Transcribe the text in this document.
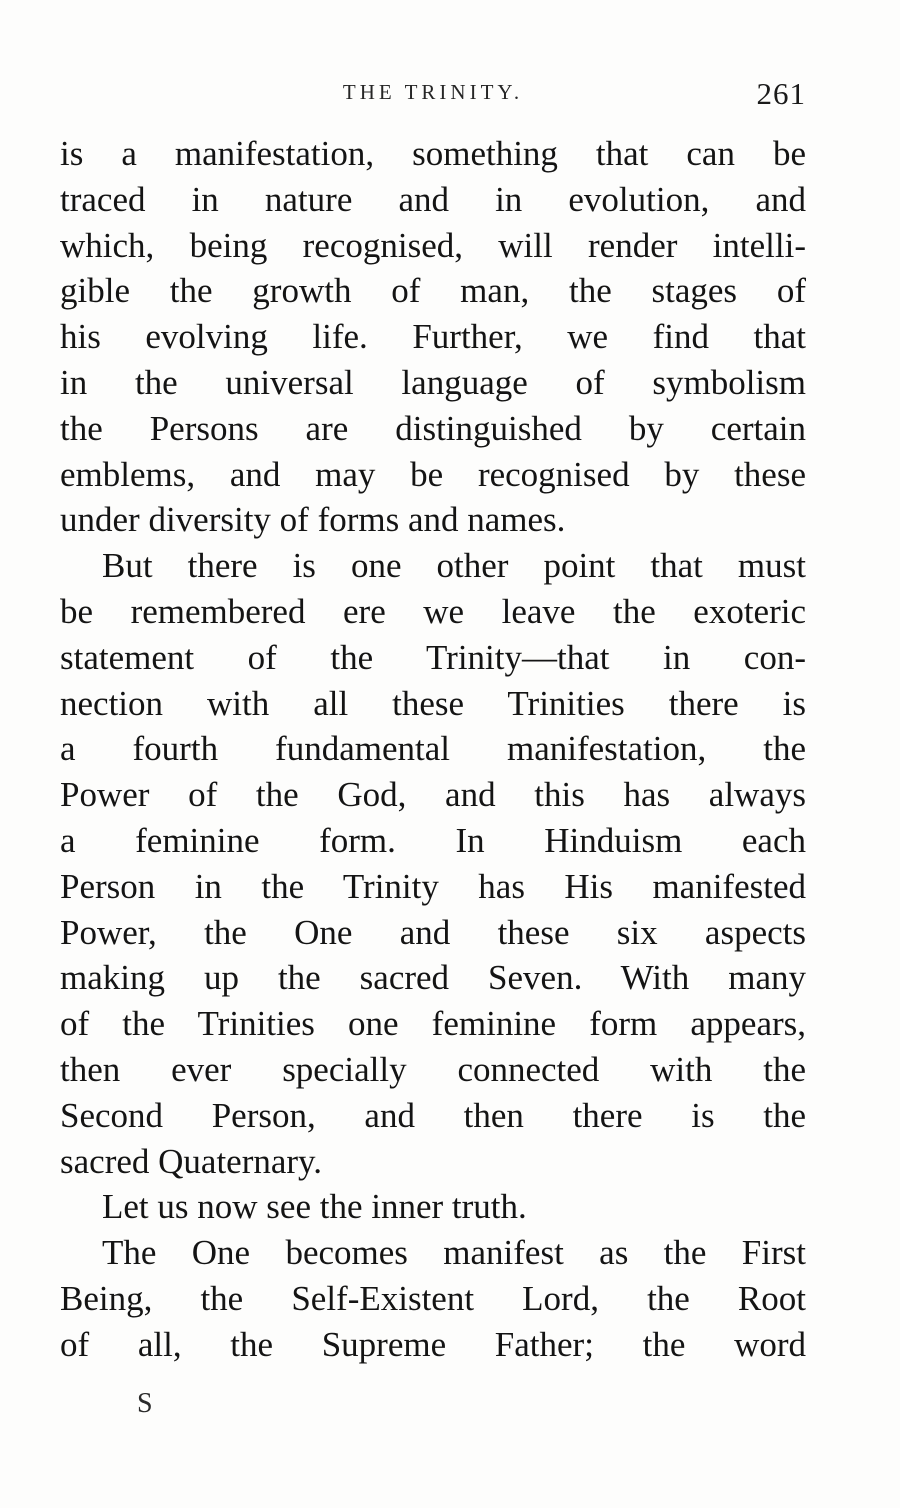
THE TRINITY.	261
is a manifestation, something that can be
traced in nature and in evolution, and
which, being recognised, will render intelli-
gible the growth of man, the stages of
his evolving life. Further, we find that
in the universal language of symbolism
the Persons are distinguished by certain
emblems, and may be recognised by these
under diversity of forms and names.
But there is one other point that must
be remembered ere we leave the exoteric
statement of the Trinity—that in con-
nection with all these Trinities there is
a fourth fundamental manifestation, the
Power of the God, and this has always
a feminine form. In Hinduism each
Person in the Trinity has His manifested
Power, the One and these six aspects
making up the sacred Seven. With many
of the Trinities one feminine form appears,
then ever specially connected with the
Second Person, and then there is the
sacred Quaternary.
Let us now see the inner truth.
The One becomes manifest as the First
Being, the Self-Existent Lord, the Root
of all, the Supreme Father; the word
S
